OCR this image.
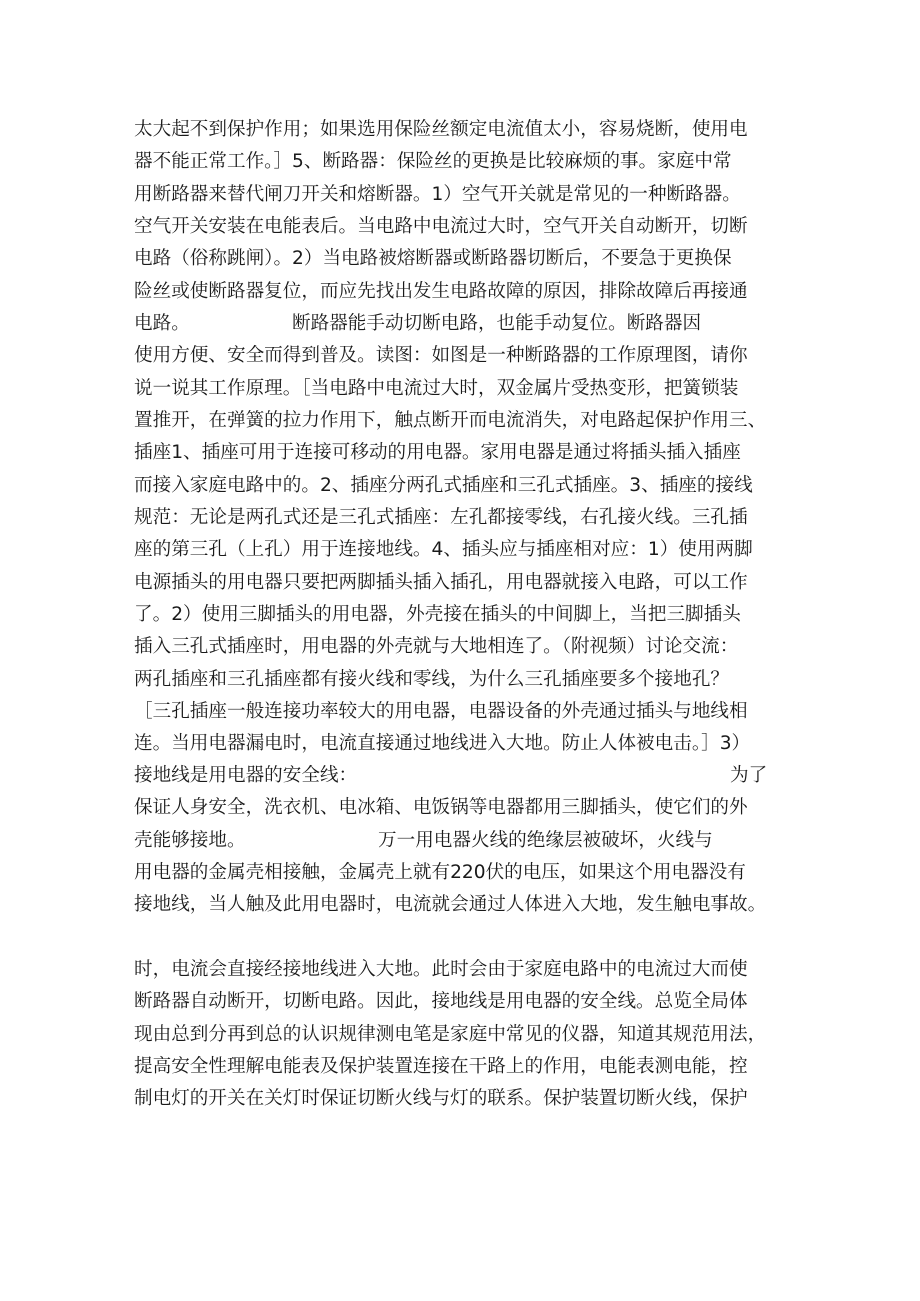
太大起不到保护作用；如果选用保险丝额定电流值太小，容易烧断，使用电
器不能正常工作。］5、断路器：保险丝的更换是比较麻烦的事。家庭中常
用断路器来替代闸刀开关和熔断器。1）空气开关就是常见的一种断路器。
空气开关安装在电能表后。当电路中电流过大时，空气开关自动断开，切断
电路（俗称跳闸）。2）当电路被熔断器或断路器切断后，不要急于更换保
险丝或使断路器复位，而应先找出发生电路故障的原因，排除故障后再接通
电路。	断路器能手动切断电路，也能手动复位。断路器因
使用方便、安全而得到普及。读图：如图是一种断路器的工作原理图，请你
说一说其工作原理。［当电路中电流过大时，双金属片受热变形，把簧锁装
置推开，在弹簧的拉力作用下，触点断开而电流消失，对电路起保护作用三、
插座1、插座可用于连接可移动的用电器。家用电器是通过将插头插入插座
而接入家庭电路中的。2、插座分两孔式插座和三孔式插座。3、插座的接线
规范：无论是两孔式还是三孔式插座：左孔都接零线，右孔接火线。三孔插
座的第三孔（上孔）用于连接地线。4、插头应与插座相对应：1）使用两脚
电源插头的用电器只要把两脚插头插入插孔，用电器就接入电路，可以工作
了。2）使用三脚插头的用电器，外壳接在插头的中间脚上，当把三脚插头
插入三孔式插座时，用电器的外壳就与大地相连了。（附视频）讨论交流：
两孔插座和三孔插座都有接火线和零线，为什么三孔插座要多个接地孔？
［三孔插座一般连接功率较大的用电器，电器设备的外壳通过插头与地线相
连。当用电器漏电时，电流直接通过地线进入大地。防止人体被电击。］3）
接地线是用电器的安全线：	为了
保证人身安全，洗衣机、电冰箱、电饭锅等电器都用三脚插头，使它们的外
壳能够接地。	万一用电器火线的绝缘层被破坏，火线与
用电器的金属壳相接触，金属壳上就有220伏的电压，如果这个用电器没有
接地线，当人触及此用电器时，电流就会通过人体进入大地，发生触电事故。
时，电流会直接经接地线进入大地。此时会由于家庭电路中的电流过大而使
断路器自动断开，切断电路。因此，接地线是用电器的安全线。总览全局体
现由总到分再到总的认识规律测电笔是家庭中常见的仪器，知道其规范用法，
提高安全性理解电能表及保护装置连接在干路上的作用，电能表测电能，控
制电灯的开关在关灯时保证切断火线与灯的联系。保护装置切断火线，保护
